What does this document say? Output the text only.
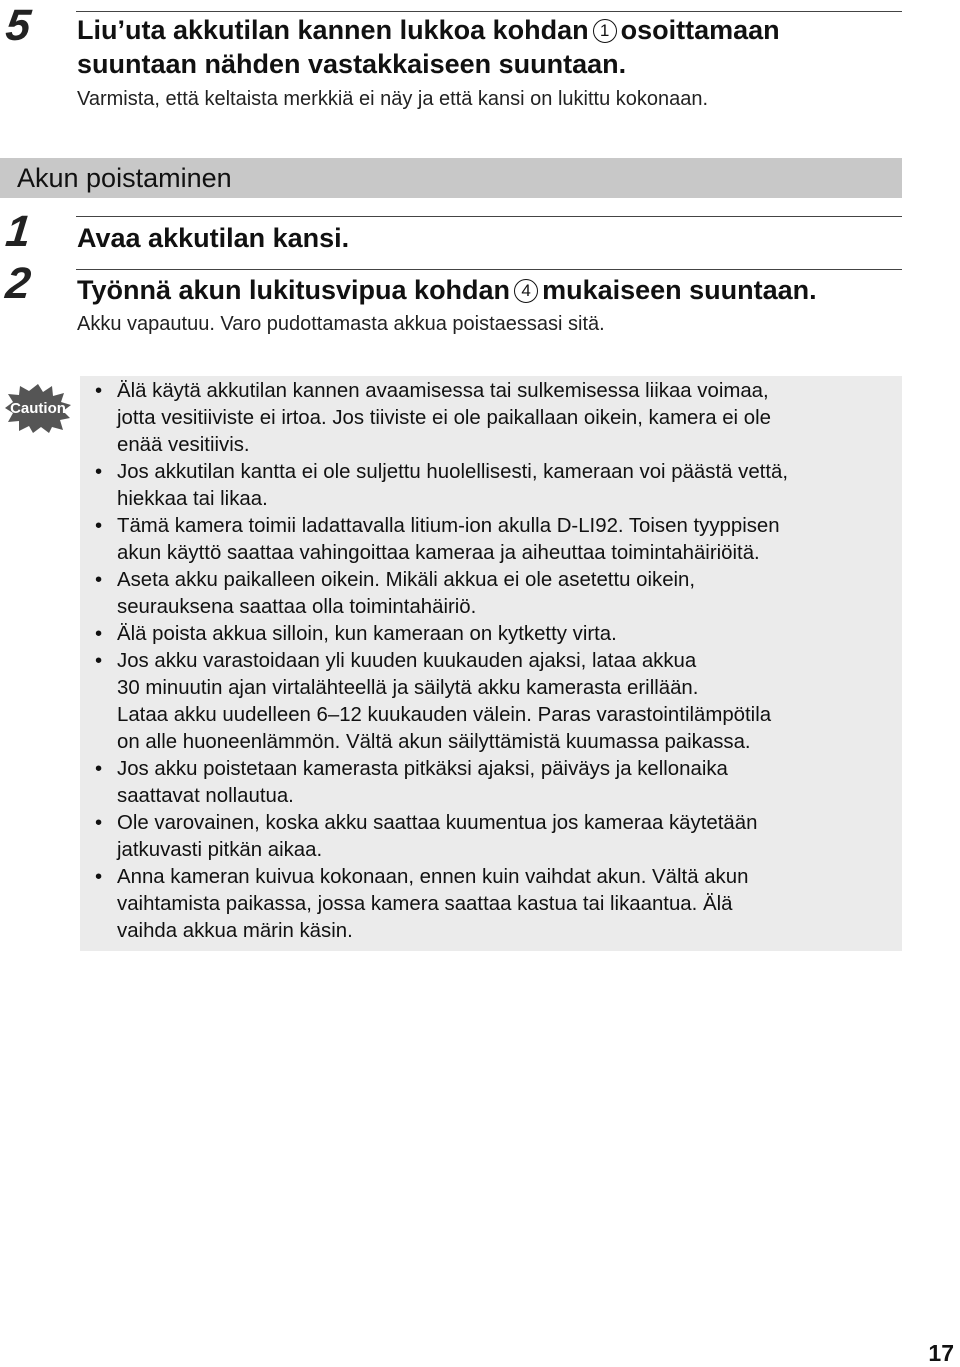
5 Liu’uta akkutilan kannen lukkoa kohdan 1 osoittamaan
suuntaan nähden vastakkaiseen suuntaan.
Varmista, että keltaista merkkiä ei näy ja että kansi on lukittu kokonaan.
Akun poistaminen
1 Avaa akkutilan kansi.
2 Työnnä akun lukitusvipua kohdan 4 mukaiseen suuntaan.
Akku vapautuu. Varo pudottamasta akkua poistaessasi sitä.
Caution
• Älä käytä akkutilan kannen avaamisessa tai sulkemisessa liikaa voimaa,
jotta vesitiiviste ei irtoa. Jos tiiviste ei ole paikallaan oikein, kamera ei ole
enää vesitiivis.
• Jos akkutilan kantta ei ole suljettu huolellisesti, kameraan voi päästä vettä,
hiekkaa tai likaa.
• Tämä kamera toimii ladattavalla litium-ion akulla D-LI92. Toisen tyyppisen
akun käyttö saattaa vahingoittaa kameraa ja aiheuttaa toimintahäiriöitä.
• Aseta akku paikalleen oikein. Mikäli akkua ei ole asetettu oikein,
seurauksena saattaa olla toimintahäiriö.
• Älä poista akkua silloin, kun kameraan on kytketty virta.
• Jos akku varastoidaan yli kuuden kuukauden ajaksi, lataa akkua
30 minuutin ajan virtalähteellä ja säilytä akku kamerasta erillään.
Lataa akku uudelleen 6–12 kuukauden välein. Paras varastointilämpötila
on alle huoneenlämmön. Vältä akun säilyttämistä kuumassa paikassa.
• Jos akku poistetaan kamerasta pitkäksi ajaksi, päiväys ja kellonaika
saattavat nollautua.
• Ole varovainen, koska akku saattaa kuumentua jos kameraa käytetään
jatkuvasti pitkän aikaa.
• Anna kameran kuivua kokonaan, ennen kuin vaihdat akun. Vältä akun
vaihtamista paikassa, jossa kamera saattaa kastua tai likaantua. Älä
vaihda akkua märin käsin.
17
